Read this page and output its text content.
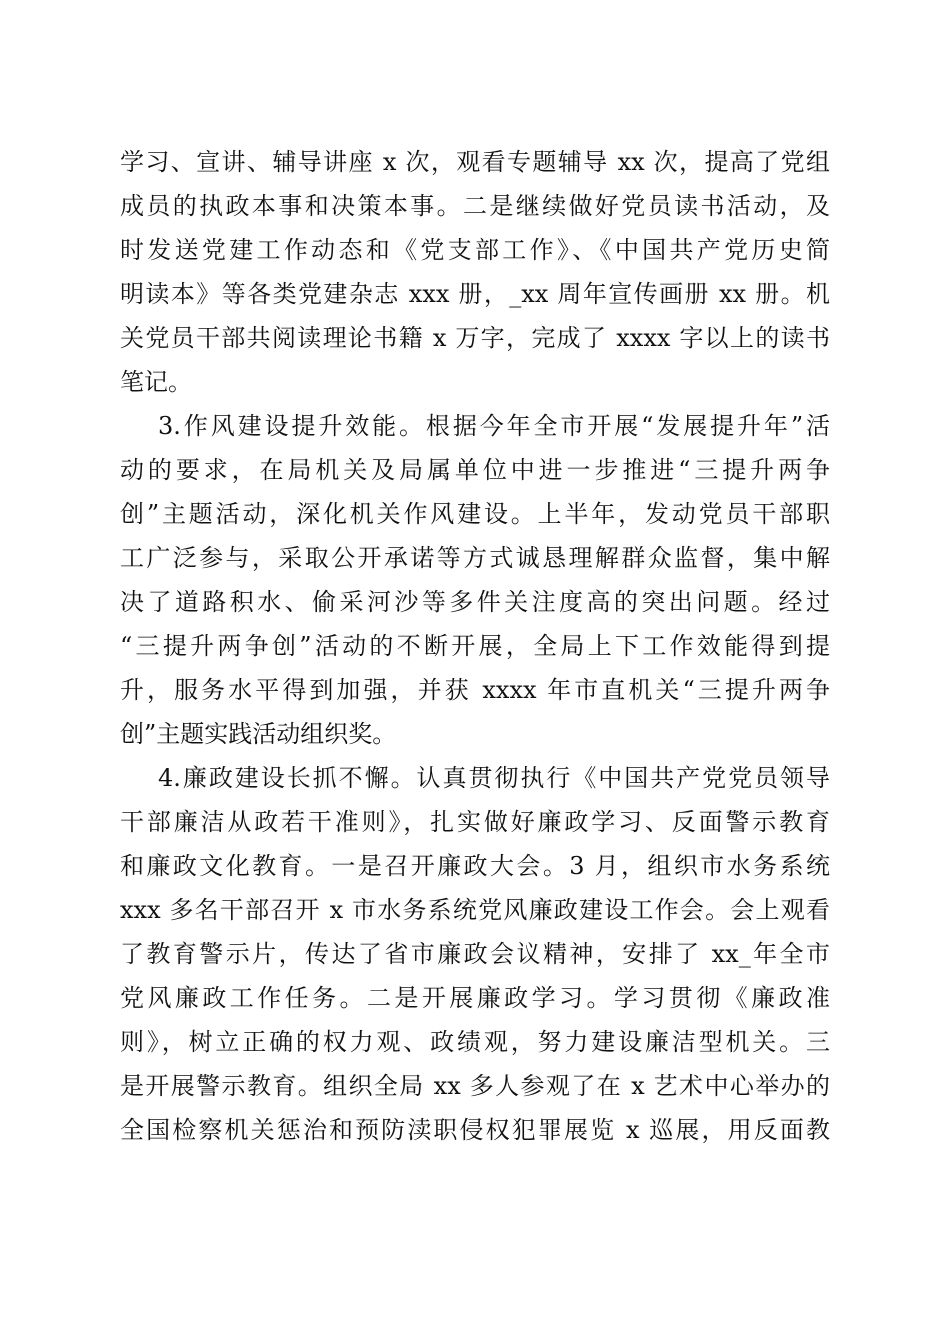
学习、宣讲、辅导讲座 x 次，观看专题辅导 xx 次，提高了党组
成员的执政本事和决策本事。二是继续做好党员读书活动，及
时发送党建工作动态和《党支部工作》、《中国共产党历史简
明读本》等各类党建杂志 xxx 册，_xx 周年宣传画册 xx 册。机
关党员干部共阅读理论书籍 x 万字，完成了 xxxx 字以上的读书
笔记。
3.作风建设提升效能。根据今年全市开展“发展提升年”活
动的要求，在局机关及局属单位中进一步推进“三提升两争
创”主题活动，深化机关作风建设。上半年，发动党员干部职
工广泛参与，采取公开承诺等方式诚恳理解群众监督，集中解
决了道路积水、偷采河沙等多件关注度高的突出问题。经过
“三提升两争创”活动的不断开展，全局上下工作效能得到提
升，服务水平得到加强，并获 xxxx 年市直机关“三提升两争
创”主题实践活动组织奖。
4.廉政建设长抓不懈。认真贯彻执行《中国共产党党员领导
干部廉洁从政若干准则》，扎实做好廉政学习、反面警示教育
和廉政文化教育。一是召开廉政大会。3 月，组织市水务系统
xxx 多名干部召开 x 市水务系统党风廉政建设工作会。会上观看
了教育警示片，传达了省市廉政会议精神，安排了 xx_年全市
党风廉政工作任务。二是开展廉政学习。学习贯彻《廉政准
则》，树立正确的权力观、政绩观，努力建设廉洁型机关。三
是开展警示教育。组织全局 xx 多人参观了在 x 艺术中心举办的
全国检察机关惩治和预防渎职侵权犯罪展览 x 巡展，用反面教
